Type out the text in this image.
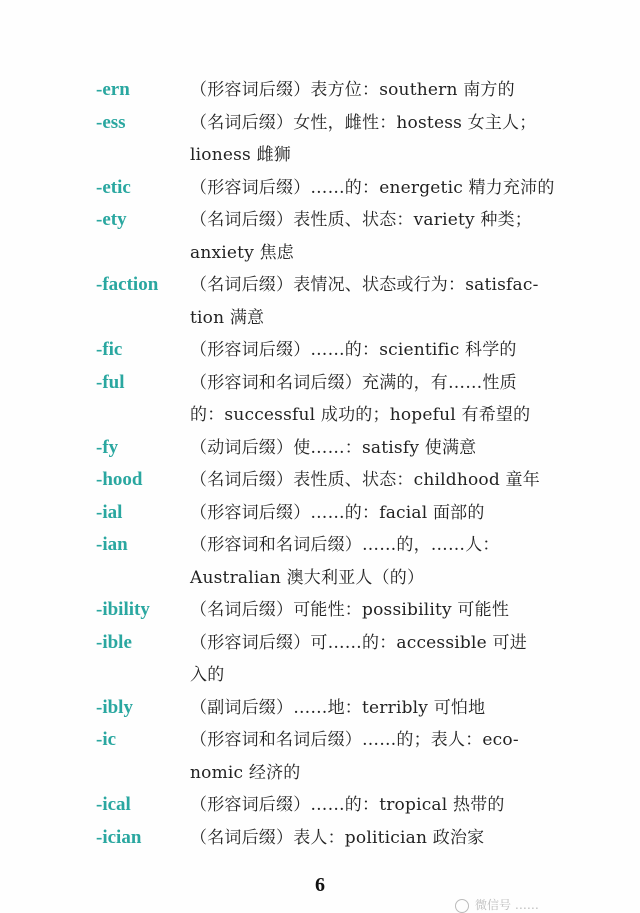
-ern	（形容词后缀）表方位：southern 南方的
-ess	（名词后缀）女性，雌性：hostess 女主人；
lioness 雌狮
-etic	（形容词后缀）……的：energetic 精力充沛的
-ety	（名词后缀）表性质、状态：variety 种类；
anxiety 焦虑
-faction	（名词后缀）表情况、状态或行为：satisfac-
tion 满意
-fic	（形容词后缀）……的：scientific 科学的
-ful	（形容词和名词后缀）充满的，有……性质
的：successful 成功的；hopeful 有希望的
-fy	（动词后缀）使……：satisfy 使满意
-hood	（名词后缀）表性质、状态：childhood 童年
-ial	（形容词后缀）……的：facial 面部的
-ian	（形容词和名词后缀）……的，……人：
Australian 澳大利亚人（的）
-ibility	（名词后缀）可能性：possibility 可能性
-ible	（形容词后缀）可……的：accessible 可进
入的
-ibly	（副词后缀）……地：terribly 可怕地
-ic	（形容词和名词后缀）……的；表人：eco-
nomic 经济的
-ical	（形容词后缀）……的：tropical 热带的
-ician	（名词后缀）表人：politician 政治家
6
微信号 ……
